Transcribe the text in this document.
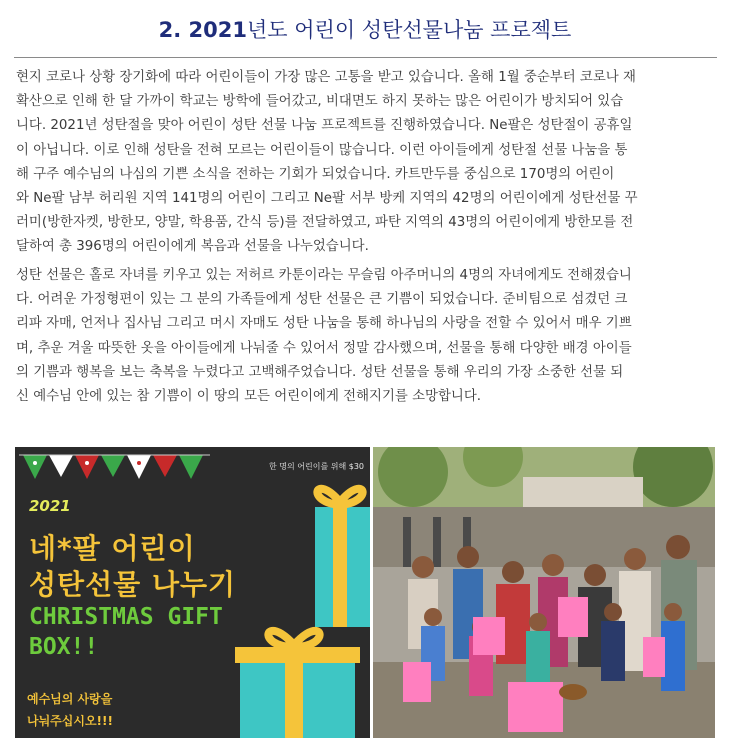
2. 2021년도 어린이 성탄선물나눔 프로젝트
현지 코로나 상황 장기화에 따라 어린이들이 가장 많은 고통을 받고 있습니다. 올해 1월 중순부터 코로나 재
확산으로 인해 한 달 가까이 학교는 방학에 들어갔고, 비대면도 하지 못하는 많은 어린이가 방치되어 있습
니다. 2021년 성탄절을 맞아 어린이 성탄 선물 나눔 프로젝트를 진행하였습니다. Ne팔은 성탄절이 공휴일
이 아닙니다. 이로 인해 성탄을 전혀 모르는 어린이들이 많습니다. 이런 아이들에게 성탄절 선물 나눔을 통
해 구주 예수님의 나심의 기쁜 소식을 전하는 기회가 되었습니다. 카트만두를 중심으로 170명의 어린이
와 Ne팔 남부 허리원 지역 141명의 어린이 그리고 Ne팔 서부 방케 지역의 42명의 어린이에게 성탄선물 꾸
러미(방한자켓, 방한모, 양말, 학용품, 간식 등)를 전달하였고, 파탄 지역의 43명의 어린이에게 방한모를 전
달하여 총 396명의 어린이에게 복음과 선물을 나누었습니다.
성탄 선물은 홀로 자녀를 키우고 있는 저허르 카툰이라는 무슬림 아주머니의 4명의 자녀에게도 전해졌습니
다. 어려운 가정형편이 있는 그 분의 가족들에게 성탄 선물은 큰 기쁨이 되었습니다. 준비팀으로 섬겼던 크
리파 자매, 언저나 집사님 그리고 머시 자매도 성탄 나눔을 통해 하나님의 사랑을 전할 수 있어서 매우 기쁘
며, 추운 겨울 따뜻한 옷을 아이들에게 나눠줄 수 있어서 정말 감사했으며, 선물을 통해 다양한 배경 아이들
의 기쁨과 행복을 보는 축복을 누렸다고 고백해주었습니다. 성탄 선물을 통해 우리의 가장 소중한 선물 되
신 예수님 안에 있는 참 기쁨이 이 땅의 모든 어린이에게 전해지기를 소망합니다.
한 명의 어린이를 위해 $30
2021
네*팔 어린이
성탄선물 나누기
CHRISTMAS GIFT
BOX!!
예수님의 사랑을
나눠주십시오!!!
